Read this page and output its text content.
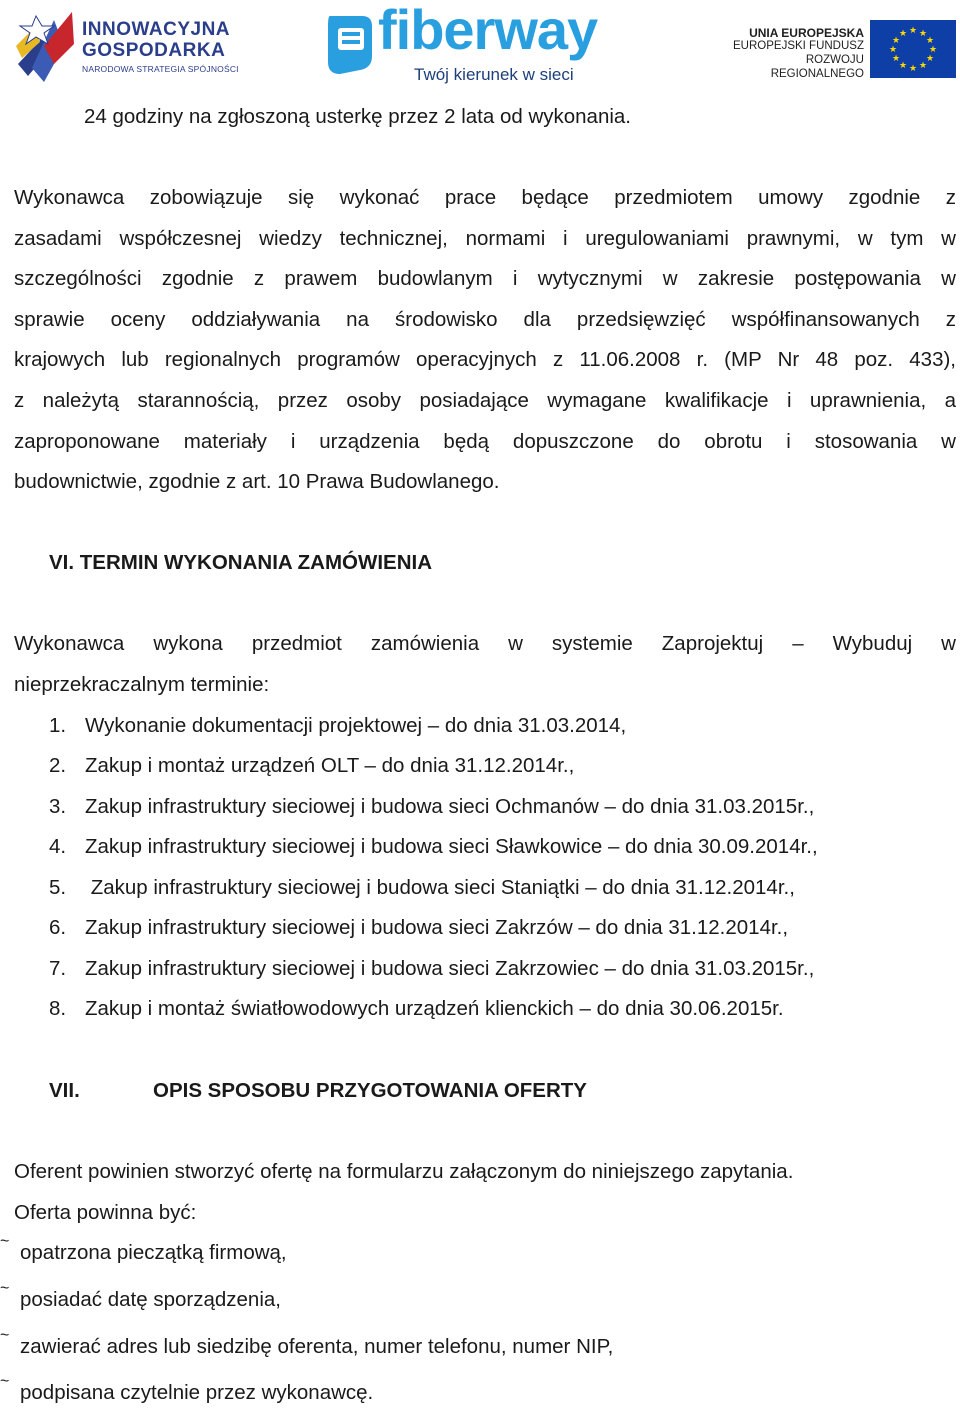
INNOWACYJNA
GOSPODARKA
NARODOWA STRATEGIA SPÓJNOŚCI
fiberway
Twój kierunek w sieci
UNIA EUROPEJSKA
EUROPEJSKI FUNDUSZ
ROZWOJU REGIONALNEGO
★ ★
★
★
★
★
★
★
★
★
★
★
24 godziny na zgłoszoną usterkę przez 2 lata od wykonania.
Wykonawca zobowiązuje się wykonać prace będące przedmiotem umowy zgodnie z
zasadami współczesnej wiedzy technicznej, normami i uregulowaniami prawnymi, w tym w
szczególności zgodnie z prawem budowlanym i wytycznymi w zakresie postępowania w
sprawie oceny oddziaływania na środowisko dla przedsięwzięć współfinansowanych z
krajowych lub regionalnych programów operacyjnych z 11.06.2008 r. (MP Nr 48 poz. 433),
z należytą starannością, przez osoby posiadające wymagane kwalifikacje i uprawnienia, a
zaproponowane materiały i urządzenia będą dopuszczone do obrotu i stosowania w
budownictwie, zgodnie z art. 10 Prawa Budowlanego.
VI. TERMIN WYKONANIA ZAMÓWIENIA
Wykonawca wykona przedmiot zamówienia w systemie Zaprojektuj – Wybuduj w
nieprzekraczalnym terminie:
1. Wykonanie dokumentacji projektowej – do dnia 31.03.2014,
2. Zakup i montaż urządzeń OLT – do dnia 31.12.2014r.,
3. Zakup infrastruktury sieciowej i budowa sieci Ochmanów – do dnia 31.03.2015r.,
4. Zakup infrastruktury sieciowej i budowa sieci Sławkowice – do dnia 30.09.2014r.,
5. Zakup infrastruktury sieciowej i budowa sieci Staniątki – do dnia 31.12.2014r.,
6. Zakup infrastruktury sieciowej i budowa sieci Zakrzów – do dnia 31.12.2014r.,
7. Zakup infrastruktury sieciowej i budowa sieci Zakrzowiec – do dnia 31.03.2015r.,
8. Zakup i montaż światłowodowych urządzeń klienckich – do dnia 30.06.2015r.
VII.	OPIS SPOSOBU PRZYGOTOWANIA OFERTY
Oferent powinien stworzyć ofertę na formularzu załączonym do niniejszego zapytania.
Oferta powinna być:
~ opatrzona pieczątką firmową,
~ posiadać datę sporządzenia,
~ zawierać adres lub siedzibę oferenta, numer telefonu, numer NIP,
~ podpisana czytelnie przez wykonawcę.
